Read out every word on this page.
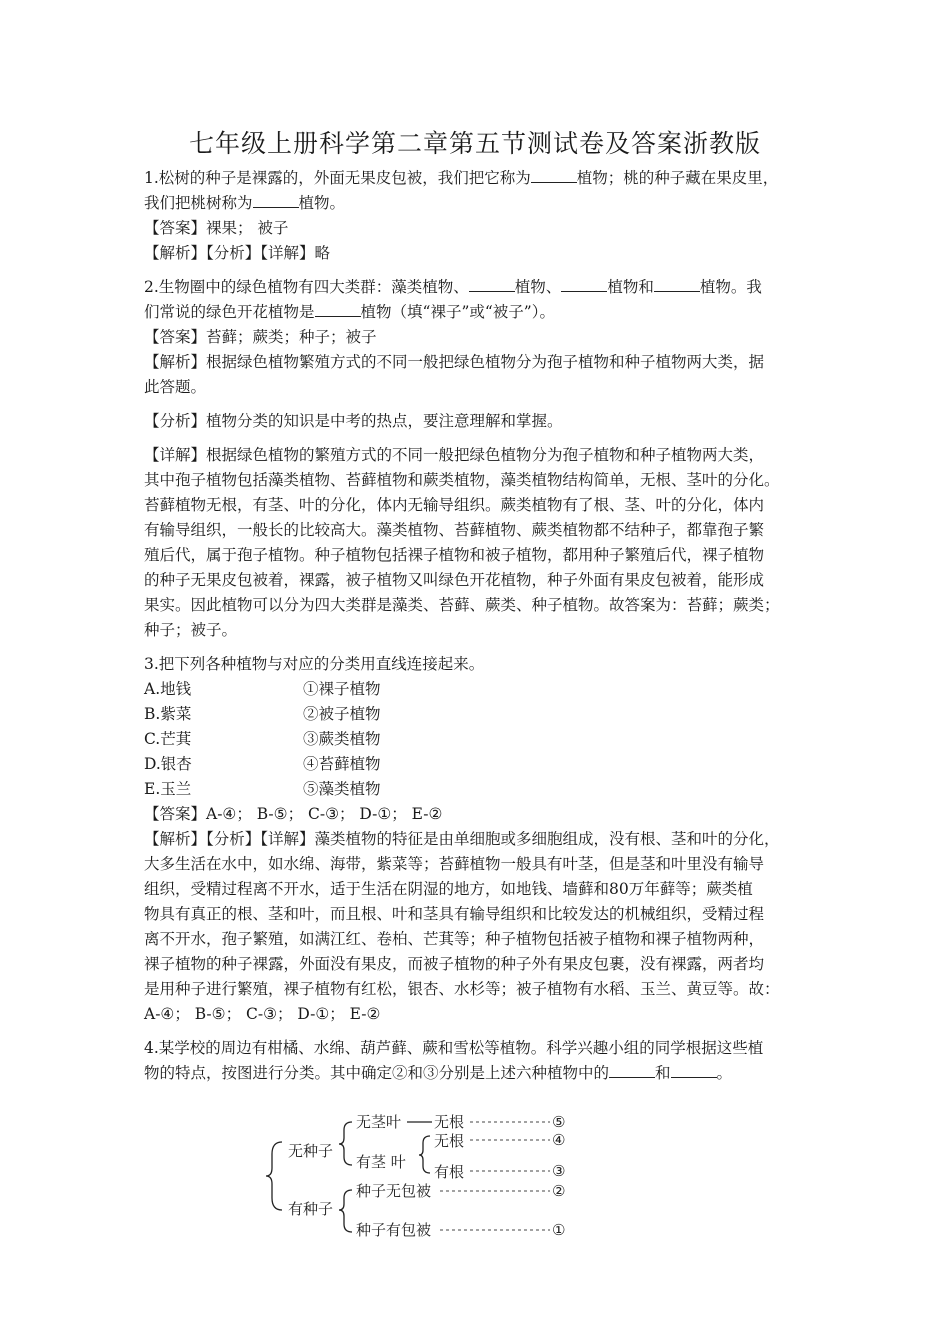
七年级上册科学第二章第五节测试卷及答案浙教版
1.松树的种子是裸露的，外面无果皮包被，我们把它称为	植物；桃的种子藏在果皮里，
我们把桃树称为	植物。
【答案】裸果； 被子
【解析】【分析】【详解】略
2.生物圈中的绿色植物有四大类群：藻类植物、	植物、	植物和	植物。我
们常说的绿色开花植物是	植物（填“裸子”或“被子”）。
【答案】苔藓；蕨类；种子；被子
【解析】根据绿色植物繁殖方式的不同一般把绿色植物分为孢子植物和种子植物两大类，据
此答题。
【分析】植物分类的知识是中考的热点，要注意理解和掌握。
【详解】根据绿色植物的繁殖方式的不同一般把绿色植物分为孢子植物和种子植物两大类，
其中孢子植物包括藻类植物、苔藓植物和蕨类植物，藻类植物结构简单，无根、茎叶的分化。
苔藓植物无根，有茎、叶的分化，体内无输导组织。蕨类植物有了根、茎、叶的分化，体内
有输导组织，一般长的比较高大。藻类植物、苔藓植物、蕨类植物都不结种子，都靠孢子繁
殖后代，属于孢子植物。种子植物包括裸子植物和被子植物，都用种子繁殖后代，裸子植物
的种子无果皮包被着，裸露，被子植物又叫绿色开花植物，种子外面有果皮包被着，能形成
果实。因此植物可以分为四大类群是藻类、苔藓、蕨类、种子植物。故答案为：苔藓；蕨类；
种子；被子。
3.把下列各种植物与对应的分类用直线连接起来。
A.地钱	①裸子植物
B.紫菜	②被子植物
C.芒萁	③蕨类植物
D.银杏	④苔藓植物
E.玉兰	⑤藻类植物
【答案】A-④； B-⑤； C-③； D-①； E-②
【解析】【分析】【详解】藻类植物的特征是由单细胞或多细胞组成，没有根、茎和叶的分化，
大多生活在水中，如水绵、海带，紫菜等；苔藓植物一般具有叶茎，但是茎和叶里没有输导
组织，受精过程离不开水，适于生活在阴湿的地方，如地钱、墙藓和80万年藓等；蕨类植
物具有真正的根、茎和叶，而且根、叶和茎具有输导组织和比较发达的机械组织，受精过程
离不开水，孢子繁殖，如满江红、卷柏、芒萁等；种子植物包括被子植物和裸子植物两种，
裸子植物的种子裸露，外面没有果皮，而被子植物的种子外有果皮包裹，没有裸露，两者均
是用种子进行繁殖，裸子植物有红松，银杏、水杉等；被子植物有水稻、玉兰、黄豆等。故：
A-④； B-⑤； C-③； D-①； E-②
4.某学校的周边有柑橘、水绵、葫芦藓、蕨和雪松等植物。科学兴趣小组的同学根据这些植
物的特点，按图进行分类。其中确定②和③分别是上述六种植物中的	和	。
无种子
有种子
无茎叶 无根	⑤
有茎 叶
无根	④
有根	③
种子无包被	②
种子有包被	①
